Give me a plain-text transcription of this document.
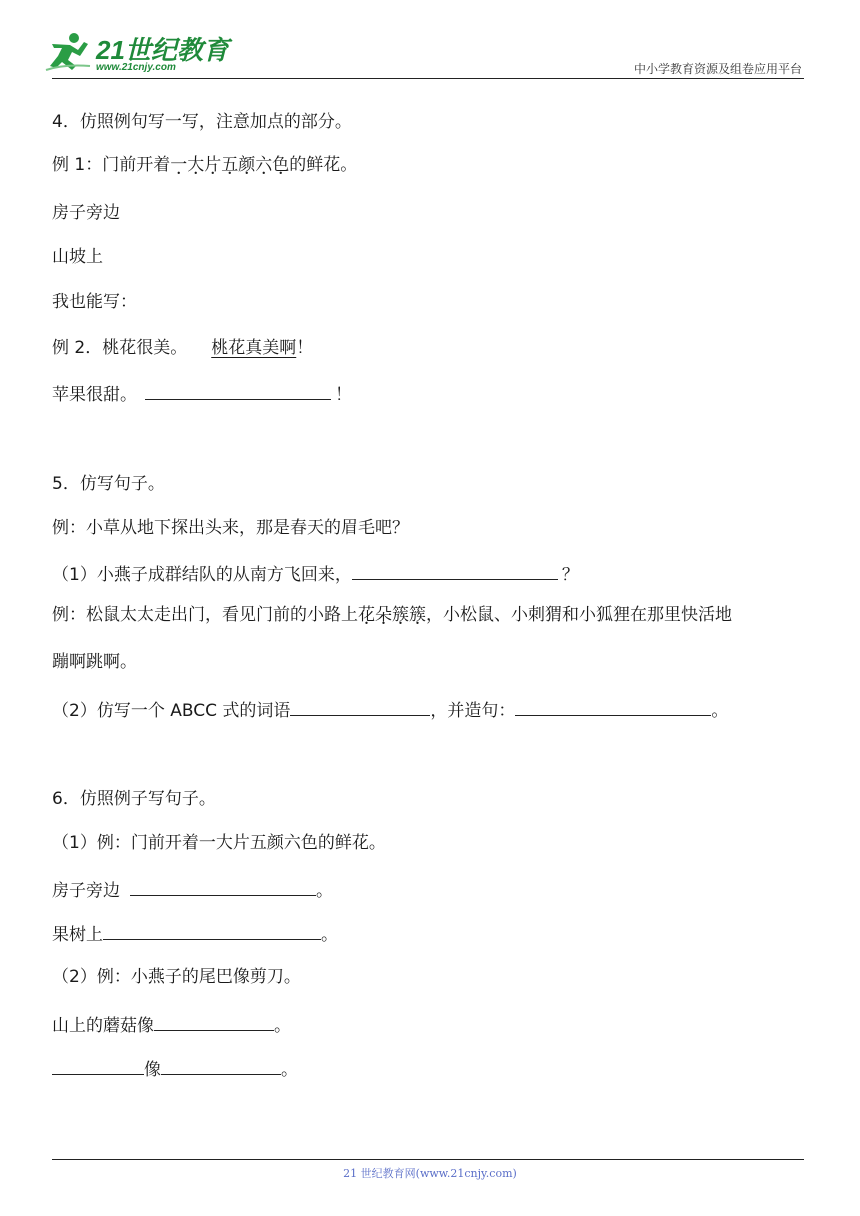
21世纪教育
www.21cnjy.com	中小学教育资源及组卷应用平台
4．仿照例句写一写，注意加点的部分。
例 1：门前开着一大片五颜六色的鲜花。
房子旁边
山坡上
我也能写：
例 2．桃花很美。 桃花真美啊！
苹果很甜。	！
5．仿写句子。
例：小草从地下探出头来，那是春天的眉毛吧？
（1）小燕子成群结队的从南方飞回来，	？
例：松鼠太太走出门，看见门前的小路上花朵簇簇，小松鼠、小刺猬和小狐狸在那里快活地
蹦啊跳啊。
（2）仿写一个 ABCC 式的词语	，并造句：	。
6．仿照例子写句子。
（1）例：门前开着一大片五颜六色的鲜花。
房子旁边	。
果树上	。
（2）例：小燕子的尾巴像剪刀。
山上的蘑菇像	。
像	。
21 世纪教育网(www.21cnjy.com)
